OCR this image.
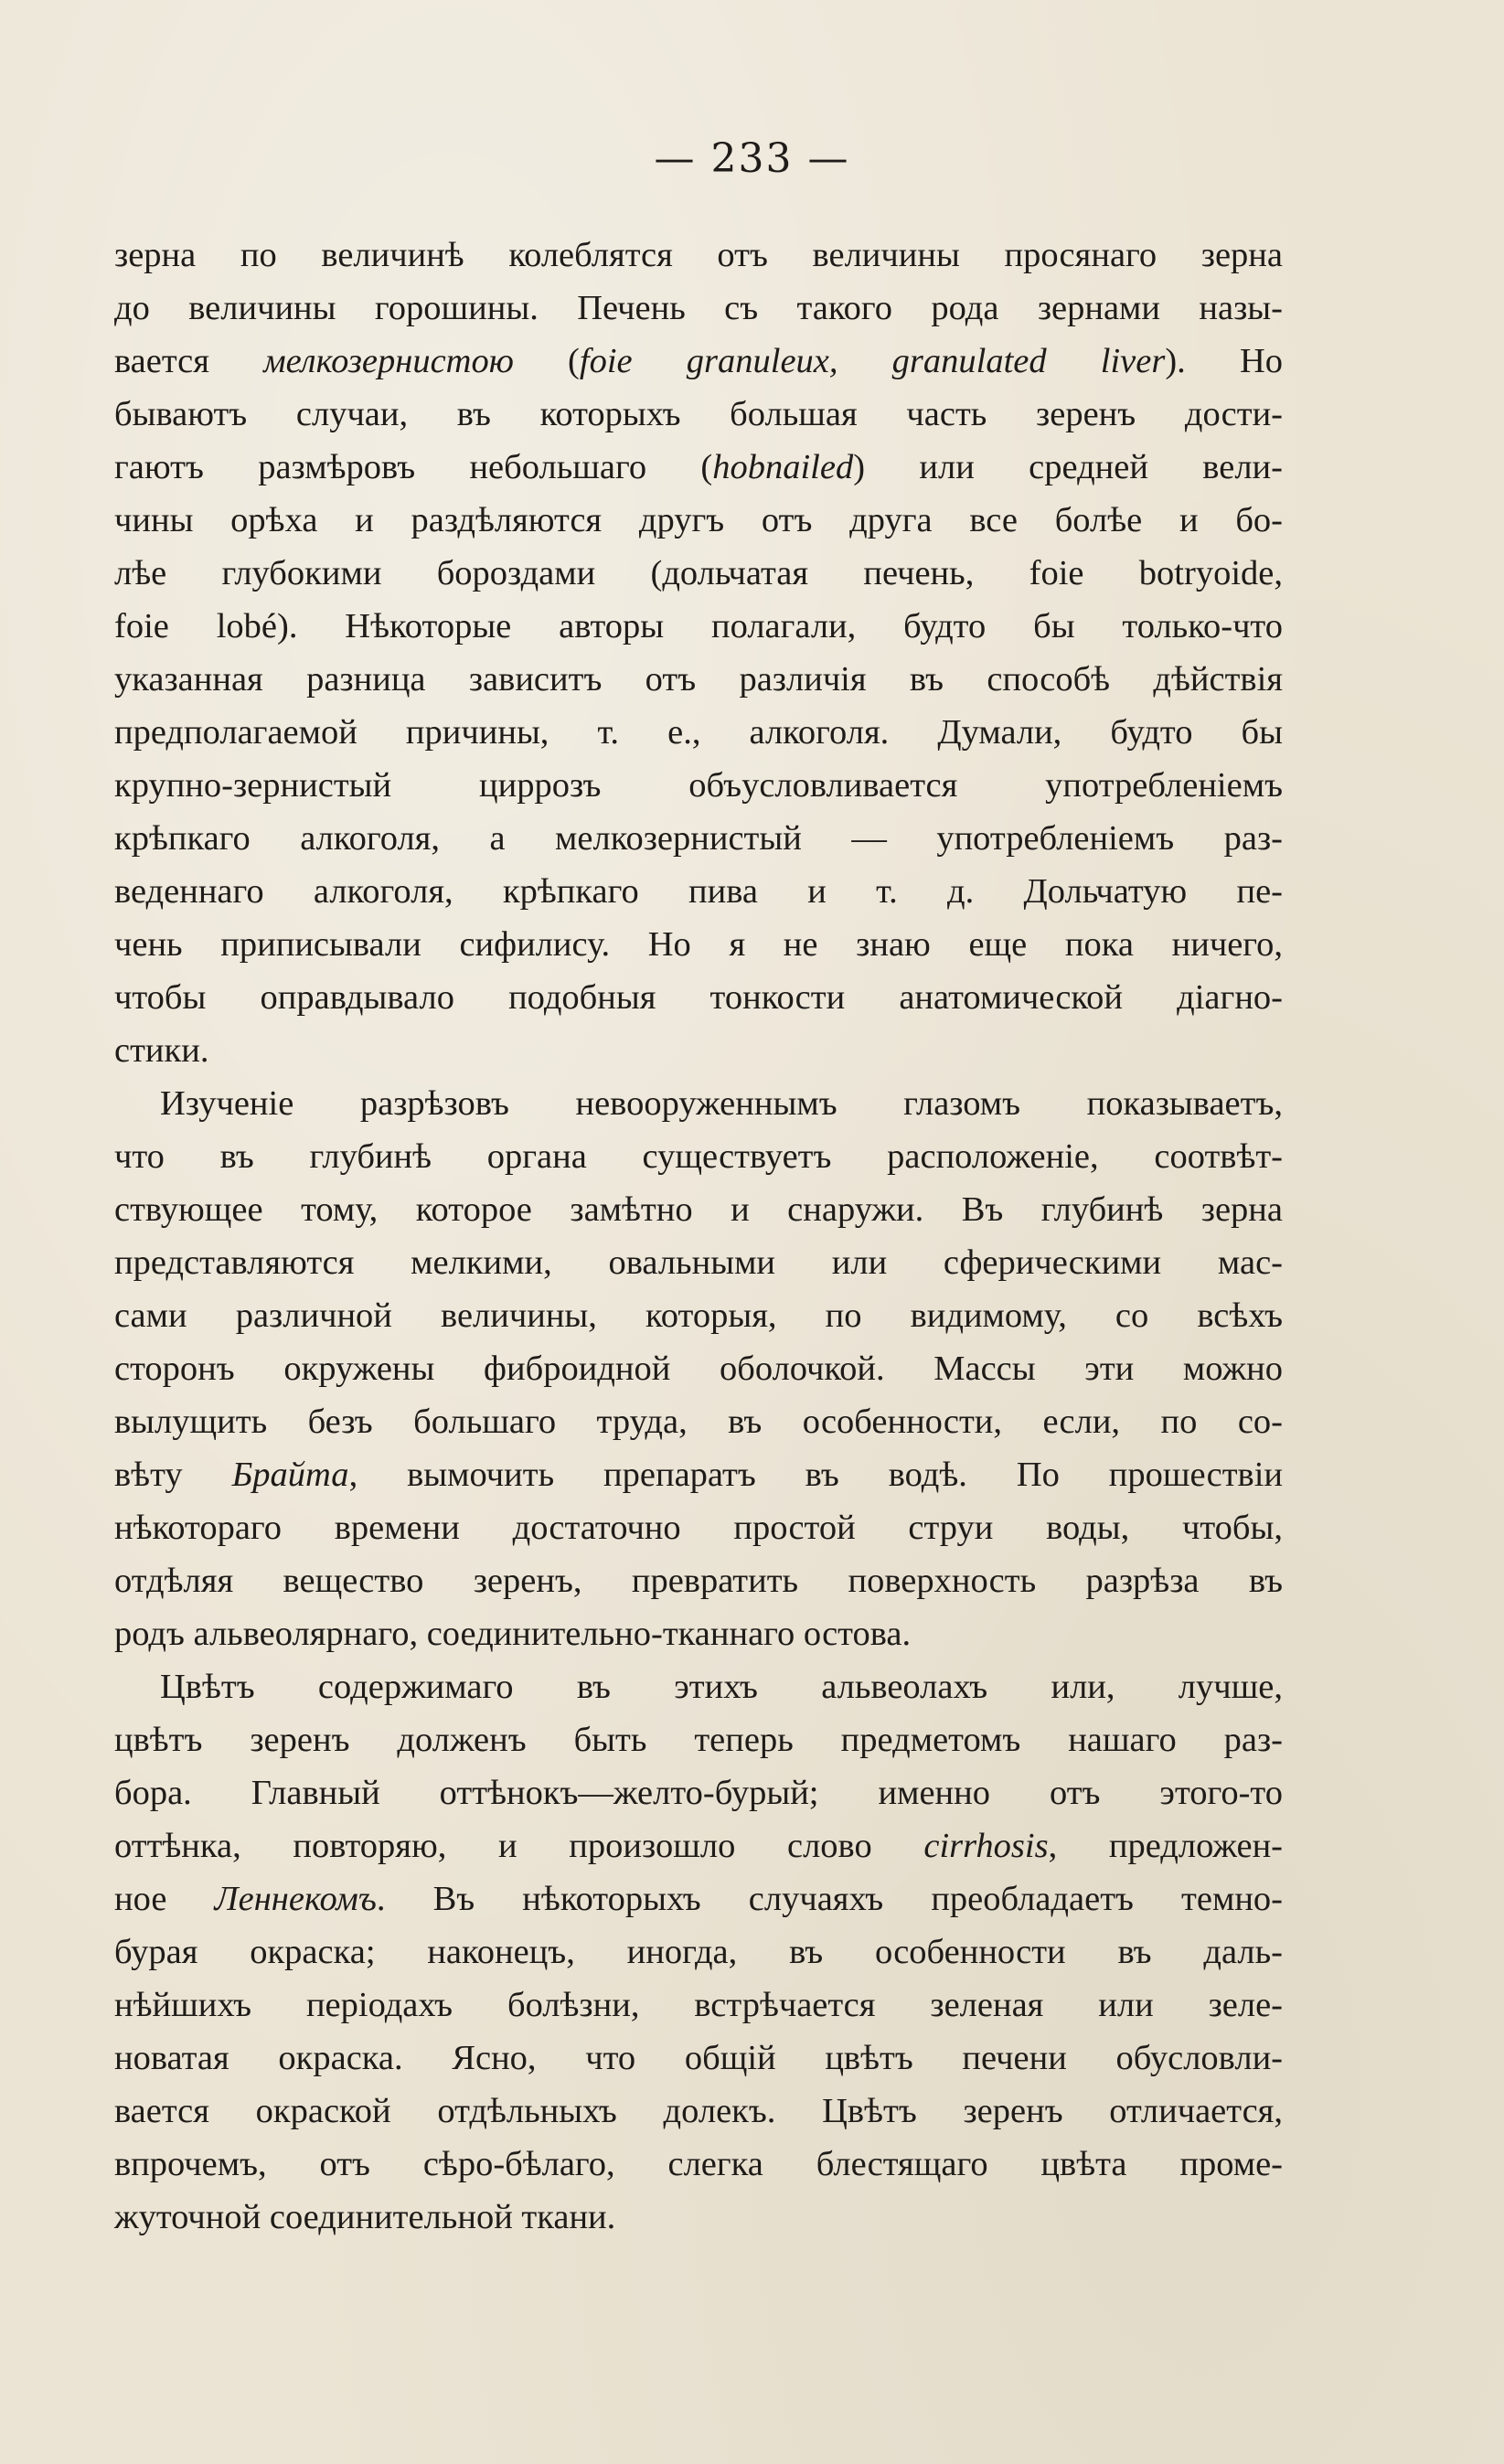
— 233 —
зерна по величинѣ колеблятся отъ величины просянаго зерна
до величины горошины. Печень съ такого рода зернами назы-
вается мелкозернистою (foie granuleux, granulated liver). Но
бываютъ случаи, въ которыхъ большая часть зеренъ дости-
гаютъ размѣровъ небольшаго (hobnailed) или средней вели-
чины орѣха и раздѣляются другъ отъ друга все болѣе и бо-
лѣе глубокими бороздами (дольчатая печень, foie botryoide,
foie lobé). Нѣкоторые авторы полагали, будто бы только-что
указанная разница зависитъ отъ различія въ способѣ дѣйствія
предполагаемой причины, т. е., алкоголя. Думали, будто бы
крупно-зернистый циррозъ объусловливается употребленіемъ
крѣпкаго алкоголя, а мелкозернистый — употребленіемъ раз-
веденнаго алкоголя, крѣпкаго пива и т. д. Дольчатую пе-
чень приписывали сифилису. Но я не знаю еще пока ничего,
чтобы оправдывало подобныя тонкости анатомической діагно-
стики.
Изученіе разрѣзовъ невооруженнымъ глазомъ показываетъ,
что въ глубинѣ органа существуетъ расположеніе, соотвѣт-
ствующее тому, которое замѣтно и снаружи. Въ глубинѣ зерна
представляются мелкими, овальными или сферическими мас-
сами различной величины, которыя, по видимому, со всѣхъ
сторонъ окружены фиброидной оболочкой. Массы эти можно
вылущить безъ большаго труда, въ особенности, если, по со-
вѣту Брайта, вымочить препаратъ въ водѣ. По прошествіи
нѣкотораго времени достаточно простой струи воды, чтобы,
отдѣляя вещество зеренъ, превратить поверхность разрѣза въ
родъ альвеолярнаго, соединительно-тканнаго остова.
Цвѣтъ содержимаго въ этихъ альвеолахъ или, лучше,
цвѣтъ зеренъ долженъ быть теперь предметомъ нашаго раз-
бора. Главный оттѣнокъ—желто-бурый; именно отъ этого-то
оттѣнка, повторяю, и произошло слово cirrhosis, предложен-
ное Леннекомъ. Въ нѣкоторыхъ случаяхъ преобладаетъ темно-
бурая окраска; наконецъ, иногда, въ особенности въ даль-
нѣйшихъ періодахъ болѣзни, встрѣчается зеленая или зеле-
новатая окраска. Ясно, что общій цвѣтъ печени обусловли-
вается окраской отдѣльныхъ долекъ. Цвѣтъ зеренъ отличается,
впрочемъ, отъ сѣро-бѣлаго, слегка блестящаго цвѣта проме-
жуточной соединительной ткани.
